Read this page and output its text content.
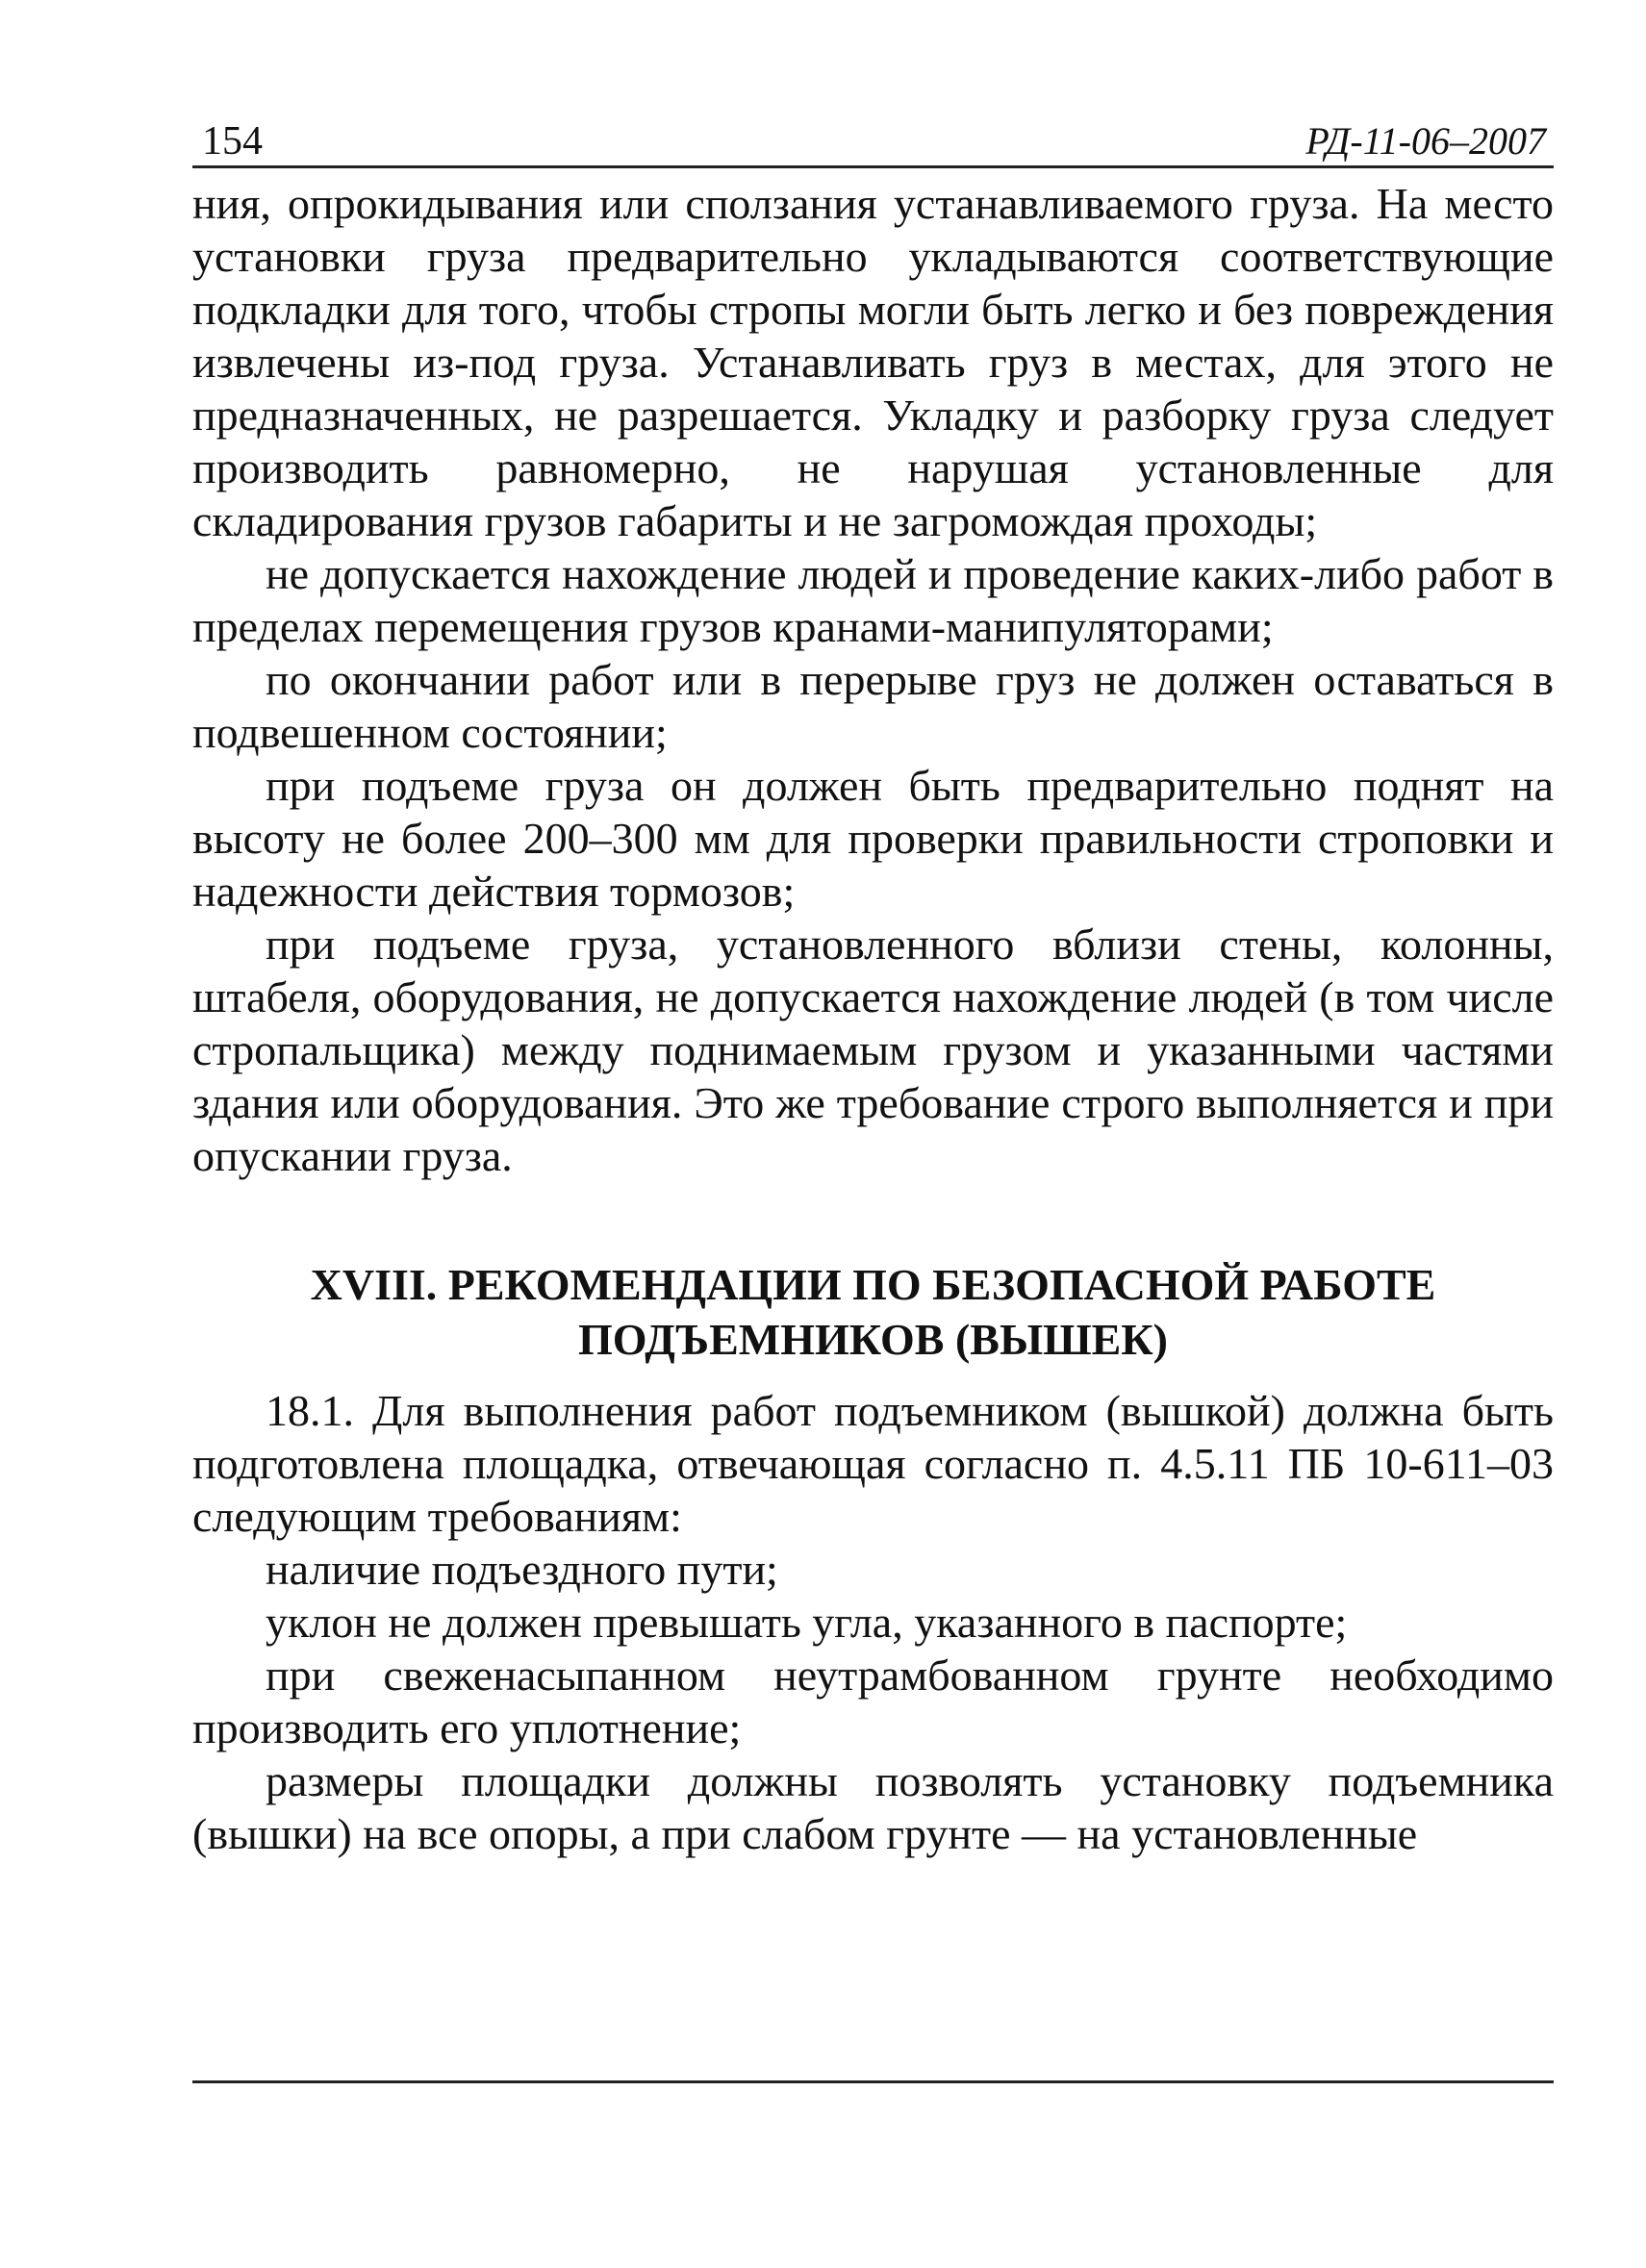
154	РД-11-06–2007

ния, опрокидывания или сползания устанавливаемого груза. На место установки груза предварительно укладываются соответствующие подкладки для того, чтобы стропы могли быть легко и без повреждения извлечены из-под груза. Устанавливать груз в местах, для этого не предназначенных, не разрешается. Укладку и разборку груза следует производить равномерно, не нарушая установленные для складирования грузов габариты и не загромождая проходы;

не допускается нахождение людей и проведение каких-либо работ в пределах перемещения грузов кранами-манипуляторами;

по окончании работ или в перерыве груз не должен оставаться в подвешенном состоянии;

при подъеме груза он должен быть предварительно поднят на высоту не более 200–300 мм для проверки правильности строповки и надежности действия тормозов;

при подъеме груза, установленного вблизи стены, колонны, штабеля, оборудования, не допускается нахождение людей (в том числе стропальщика) между поднимаемым грузом и указанными частями здания или оборудования. Это же требование строго выполняется и при опускании груза.

XVIII. РЕКОМЕНДАЦИИ ПО БЕЗОПАСНОЙ РАБОТЕ
ПОДЪЕМНИКОВ (ВЫШЕК)

18.1. Для выполнения работ подъемником (вышкой) должна быть подготовлена площадка, отвечающая согласно п. 4.5.11 ПБ 10-611–03 следующим требованиям:

наличие подъездного пути;

уклон не должен превышать угла, указанного в паспорте;

при свеженасыпанном неутрамбованном грунте необходимо производить его уплотнение;

размеры площадки должны позволять установку подъемника (вышки) на все опоры, а при слабом грунте — на установленные
